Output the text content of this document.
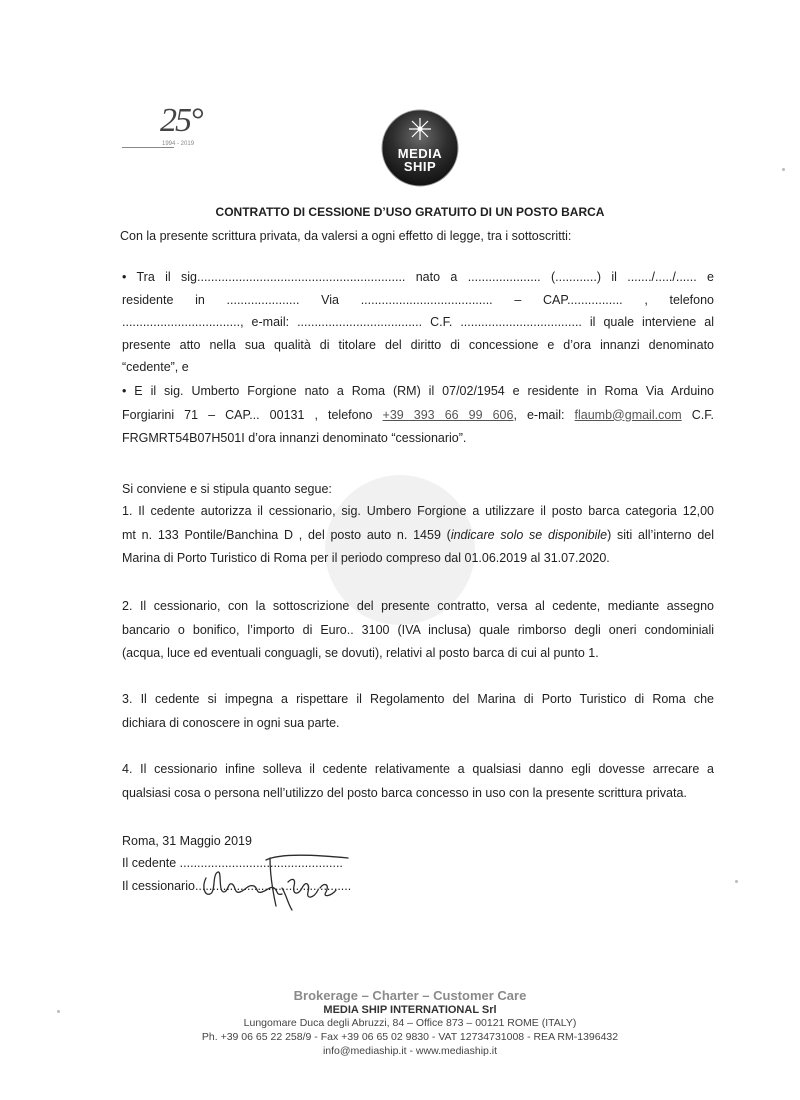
25°
1994 - 2019
MEDIA
SHIP
CONTRATTO DI CESSIONE D’USO GRATUITO DI UN POSTO BARCA
Con la presente scrittura privata, da valersi a ogni effetto di legge, tra i sottoscritti:
• Tra il sig............................................................ nato a ..................... (............) il ......./...../...... e
residente in ..................... Via ...................................... – CAP................ , telefono
.................................., e-mail: .................................... C.F. ................................... il quale interviene al
presente atto nella sua qualità di titolare del diritto di concessione e d’ora innanzi denominato
“cedente”, e
• E il sig. Umberto Forgione nato a Roma (RM) il 07/02/1954 e residente in Roma Via Arduino
Forgiarini 71 – CAP... 00131 , telefono +39 393 66 99 606, e-mail: flaumb@gmail.com C.F.
FRGMRT54B07H501I d’ora innanzi denominato “cessionario”.
Si conviene e si stipula quanto segue:
1. Il cedente autorizza il cessionario, sig. Umbero Forgione a utilizzare il posto barca categoria 12,00
mt n. 133 Pontile/Banchina D , del posto auto n. 1459 (indicare solo se disponibile) siti all’interno del
Marina di Porto Turistico di Roma per il periodo compreso dal 01.06.2019 al 31.07.2020.
2. Il cessionario, con la sottoscrizione del presente contratto, versa al cedente, mediante assegno
bancario o bonifico, l’importo di Euro.. 3100 (IVA inclusa) quale rimborso degli oneri condominiali
(acqua, luce ed eventuali conguagli, se dovuti), relativi al posto barca di cui al punto 1.
3. Il cedente si impegna a rispettare il Regolamento del Marina di Porto Turistico di Roma che
dichiara di conoscere in ogni sua parte.
4. Il cessionario infine solleva il cedente relativamente a qualsiasi danno egli dovesse arrecare a
qualsiasi cosa o persona nell’utilizzo del posto barca concesso in uso con la presente scrittura privata.
Roma, 31 Maggio 2019
Il cedente ...............................................
Il cessionario.............................................
Brokerage – Charter – Customer Care
MEDIA SHIP INTERNATIONAL Srl
Lungomare Duca degli Abruzzi, 84 – Office 873 – 00121 ROME (ITALY)
Ph. +39 06 65 22 258/9 - Fax +39 06 65 02 9830 - VAT 12734731008 - REA RM-1396432
info@mediaship.it - www.mediaship.it
